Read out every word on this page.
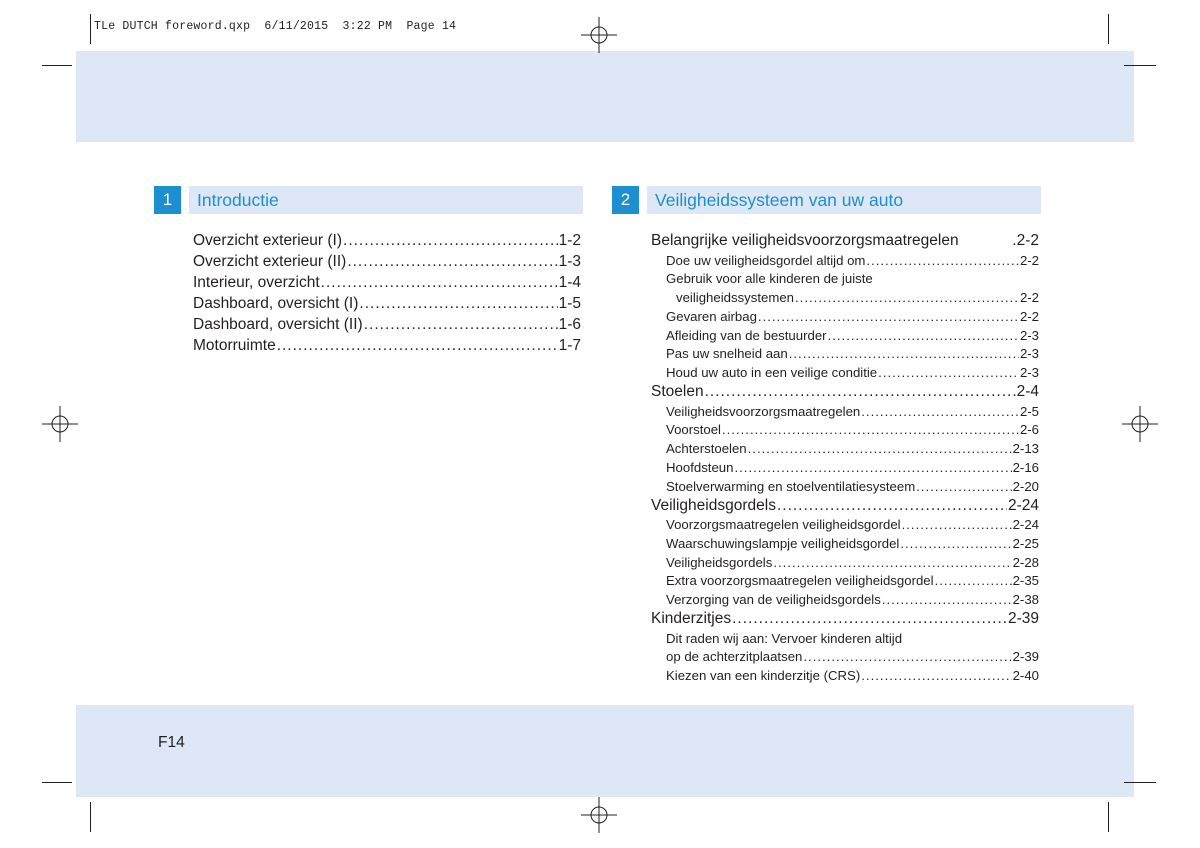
TLe DUTCH foreword.qxp  6/11/2015  3:22 PM  Page 14
F14
1	Introductie
Overzicht exterieur (I) .....	1-2
Overzicht exterieur (II) .....	1-3
Interieur, overzicht .....	1-4
Dashboard, oversicht (I) .....	1-5
Dashboard, oversicht (II) .....	1-6
Motorruimte .....	1-7
2	Veiligheidssysteem van uw auto
Belangrijke veiligheidsvoorzorgsmaatregelen	.2-2
Doe uw veiligheidsgordel altijd om .....	2-2
Gebruik voor alle kinderen de juiste
veiligheidssystemen .....	2-2
Gevaren airbag .....	2-2
Afleiding van de bestuurder .....	2-3
Pas uw snelheid aan .....	2-3
Houd uw auto in een veilige conditie .....	2-3
Stoelen .....	2-4
Veiligheidsvoorzorgsmaatregelen .....	2-5
Voorstoel .....	2-6
Achterstoelen .....	2-13
Hoofdsteun .....	2-16
Stoelverwarming en stoelventilatiesysteem .....	2-20
Veiligheidsgordels .....	2-24
Voorzorgsmaatregelen veiligheidsgordel .....	2-24
Waarschuwingslampje veiligheidsgordel .....	2-25
Veiligheidsgordels .....	2-28
Extra voorzorgsmaatregelen veiligheidsgordel .....	2-35
Verzorging van de veiligheidsgordels .....	2-38
Kinderzitjes .....	2-39
Dit raden wij aan: Vervoer kinderen altijd
op de achterzitplaatsen .....	2-39
Kiezen van een kinderzitje (CRS) .....	2-40
